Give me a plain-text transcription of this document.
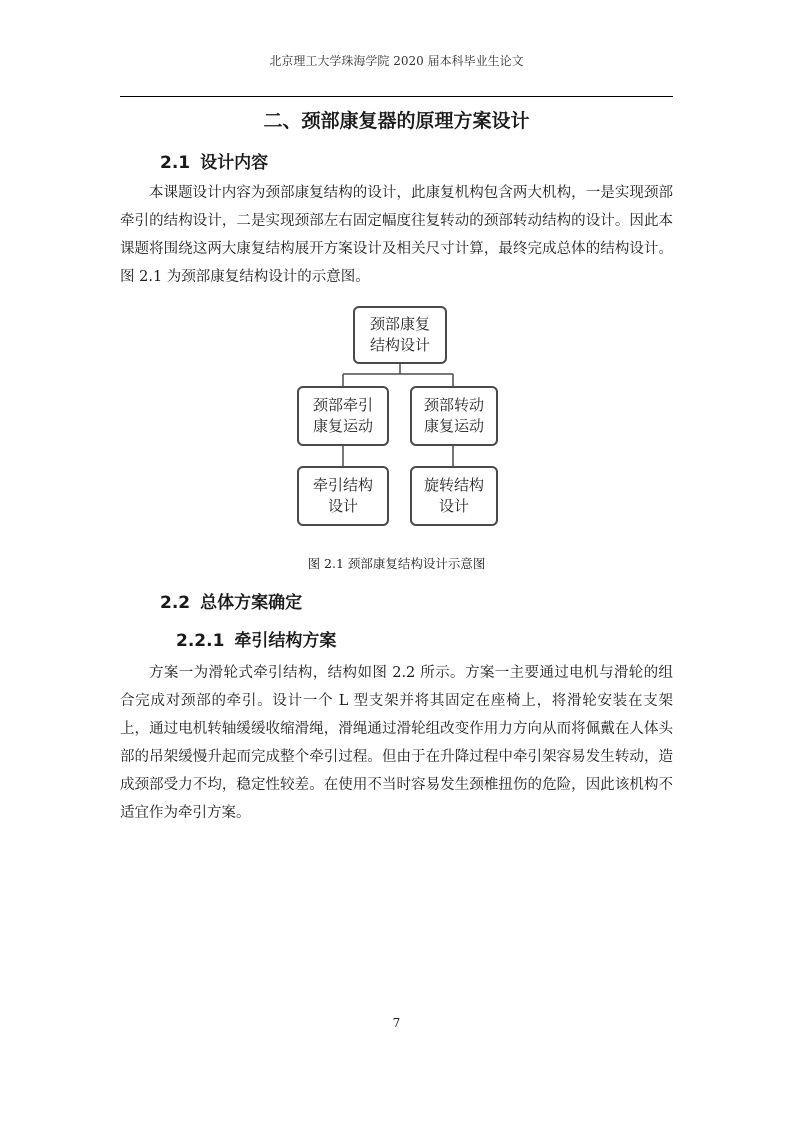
北京理工大学珠海学院 2020 届本科毕业生论文
二、颈部康复器的原理方案设计
2.1 设计内容

本课题设计内容为颈部康复结构的设计，此康复机构包含两大机构，一是实现颈部牵引的结构设计，二是实现颈部左右固定幅度往复转动的颈部转动结构的设计。因此本课题将围绕这两大康复结构展开方案设计及相关尺寸计算，最终完成总体的结构设计。图 2.1 为颈部康复结构设计的示意图。

颈部康复
结构设计
颈部牵引
康复运动
颈部转动
康复运动
牵引结构
设计
旋转结构
设计
图 2.1 颈部康复结构设计示意图
2.2 总体方案确定
2.2.1 牵引结构方案

方案一为滑轮式牵引结构，结构如图 2.2 所示。方案一主要通过电机与滑轮的组合完成对颈部的牵引。设计一个 L 型支架并将其固定在座椅上，将滑轮安装在支架上，通过电机转轴缓缓收缩滑绳，滑绳通过滑轮组改变作用力方向从而将佩戴在人体头部的吊架缓慢升起而完成整个牵引过程。但由于在升降过程中牵引架容易发生转动，造成颈部受力不均，稳定性较差。在使用不当时容易发生颈椎扭伤的危险，因此该机构不适宜作为牵引方案。

7
